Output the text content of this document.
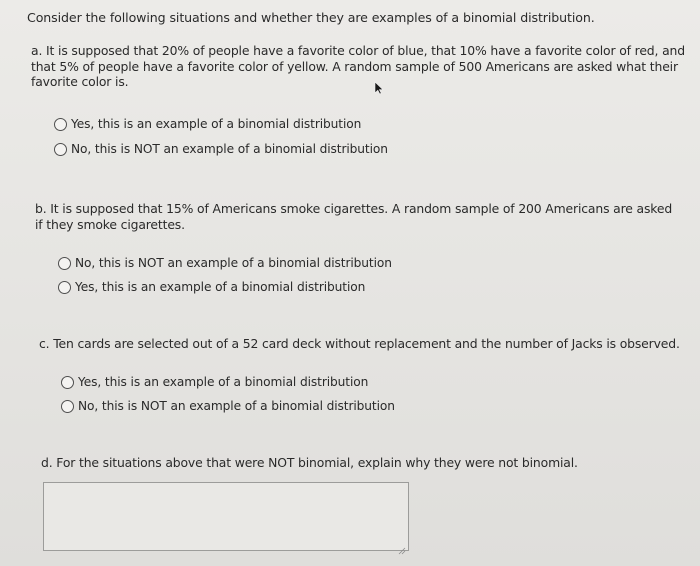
Consider the following situations and whether they are examples of a binomial distribution.
a. It is supposed that 20% of people have a favorite color of blue, that 10% have a favorite color of red, and that 5% of people have a favorite color of yellow. A random sample of 500 Americans are asked what their favorite color is.
Yes, this is an example of a binomial distribution
No, this is NOT an example of a binomial distribution
b. It is supposed that 15% of Americans smoke cigarettes. A random sample of 200 Americans are asked if they smoke cigarettes.
No, this is NOT an example of a binomial distribution
Yes, this is an example of a binomial distribution
c. Ten cards are selected out of a 52 card deck without replacement and the number of Jacks is observed.
Yes, this is an example of a binomial distribution
No, this is NOT an example of a binomial distribution
d. For the situations above that were NOT binomial, explain why they were not binomial.
